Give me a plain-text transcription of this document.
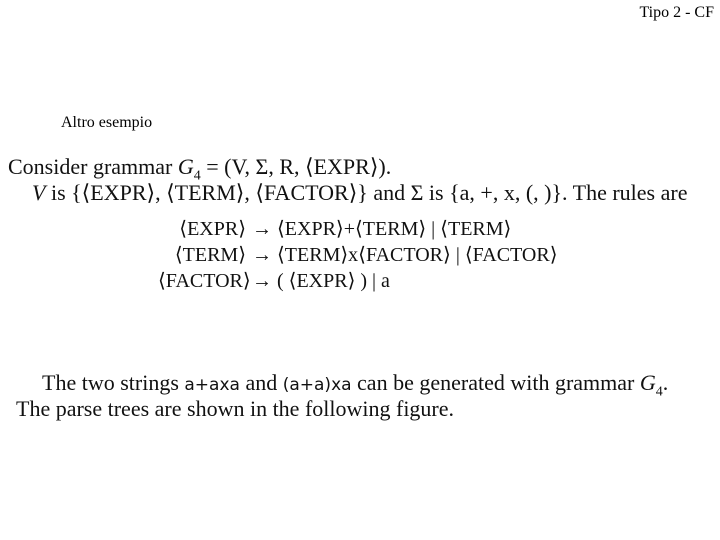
Tipo 2 - CF
Altro esempio
Consider grammar $G_4 = (V$, Σ, R, ⟨EXPR⟩).
V is {⟨EXPR⟩, ⟨TERM⟩, ⟨FACTOR⟩} and Σ is {a, +, x, (, )}. The rules are
⟨EXPR⟩ → ⟨EXPR⟩+⟨TERM⟩ | ⟨TERM⟩
⟨TERM⟩ → ⟨TERM⟩x⟨FACTOR⟩ | ⟨FACTOR⟩
⟨FACTOR⟩ → ( ⟨EXPR⟩ ) | a
The two strings a+axa and (a+a)xa can be generated with grammar $G_4$.
The parse trees are shown in the following figure.
